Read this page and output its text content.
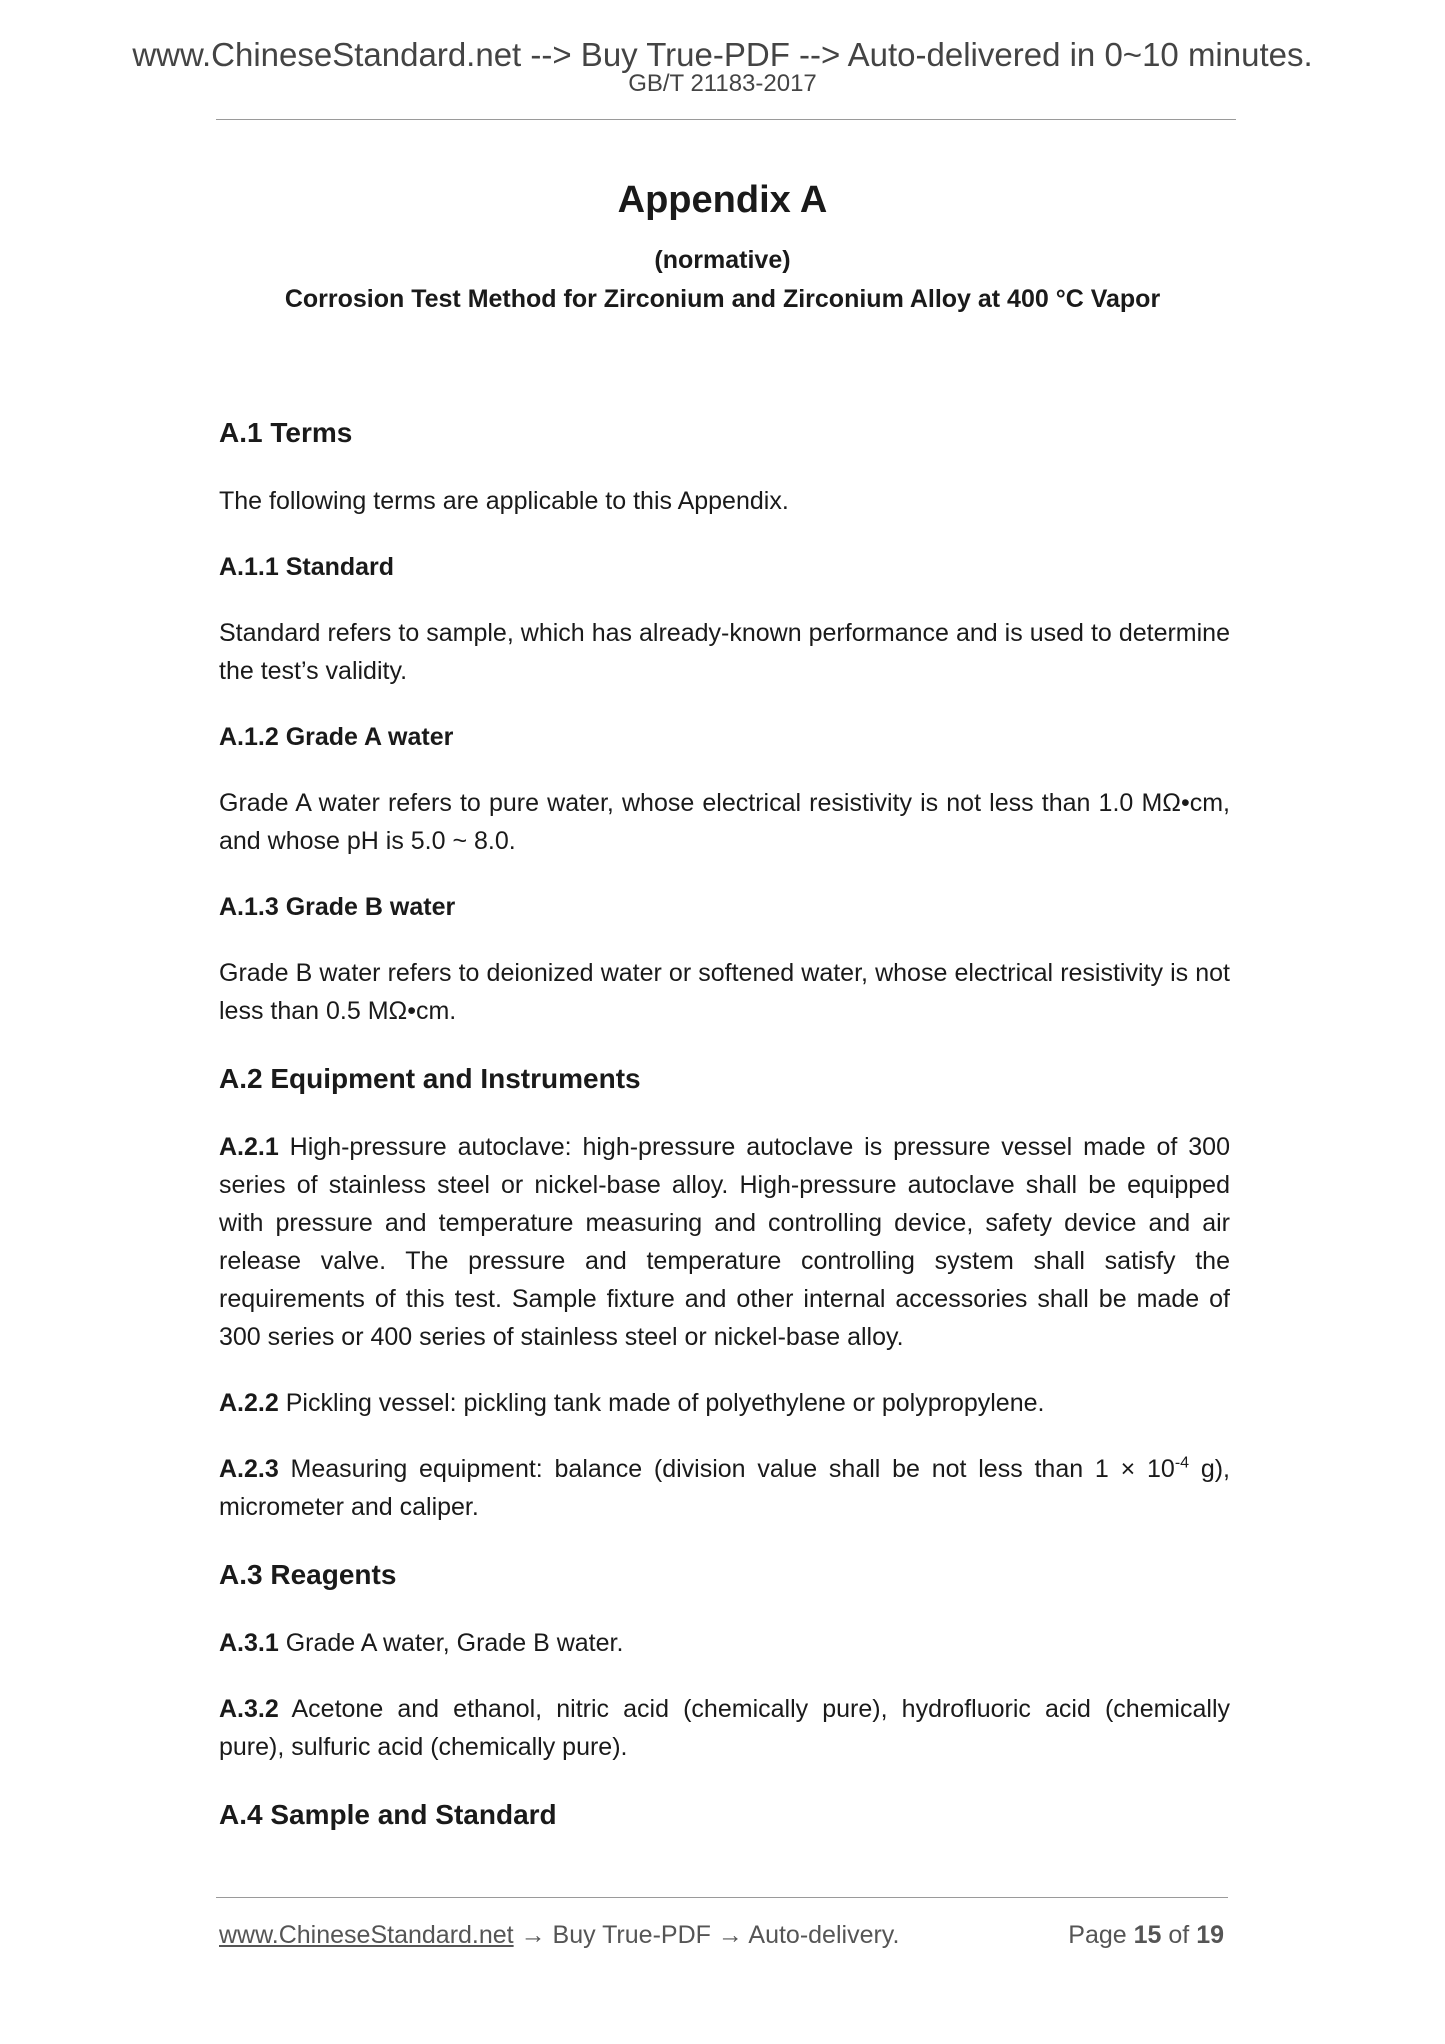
www.ChineseStandard.net --> Buy True-PDF --> Auto-delivered in 0~10 minutes.
GB/T 21183-2017
Appendix A
(normative)
Corrosion Test Method for Zirconium and Zirconium Alloy at 400 °C Vapor
A.1 Terms

The following terms are applicable to this Appendix.

A.1.1 Standard

Standard refers to sample, which has already-known performance and is used to determine the test’s validity.

A.1.2 Grade A water

Grade A water refers to pure water, whose electrical resistivity is not less than 1.0 MΩ•cm, and whose pH is 5.0 ~ 8.0.

A.1.3 Grade B water

Grade B water refers to deionized water or softened water, whose electrical resistivity is not less than 0.5 MΩ•cm.

A.2 Equipment and Instruments

A.2.1 High-pressure autoclave: high-pressure autoclave is pressure vessel made of 300 series of stainless steel or nickel-base alloy. High-pressure autoclave shall be equipped with pressure and temperature measuring and controlling device, safety device and air release valve. The pressure and temperature controlling system shall satisfy the requirements of this test. Sample fixture and other internal accessories shall be made of 300 series or 400 series of stainless steel or nickel-base alloy.

A.2.2 Pickling vessel: pickling tank made of polyethylene or polypropylene.

A.2.3 Measuring equipment: balance (division value shall be not less than $1 \times 10^{-4}$ g), micrometer and caliper.

A.3 Reagents

A.3.1 Grade A water, Grade B water.

A.3.2 Acetone and ethanol, nitric acid (chemically pure), hydrofluoric acid (chemically pure), sulfuric acid (chemically pure).

A.4 Sample and Standard
www.ChineseStandard.net → Buy True-PDF → Auto-delivery.	Page 15 of 19
